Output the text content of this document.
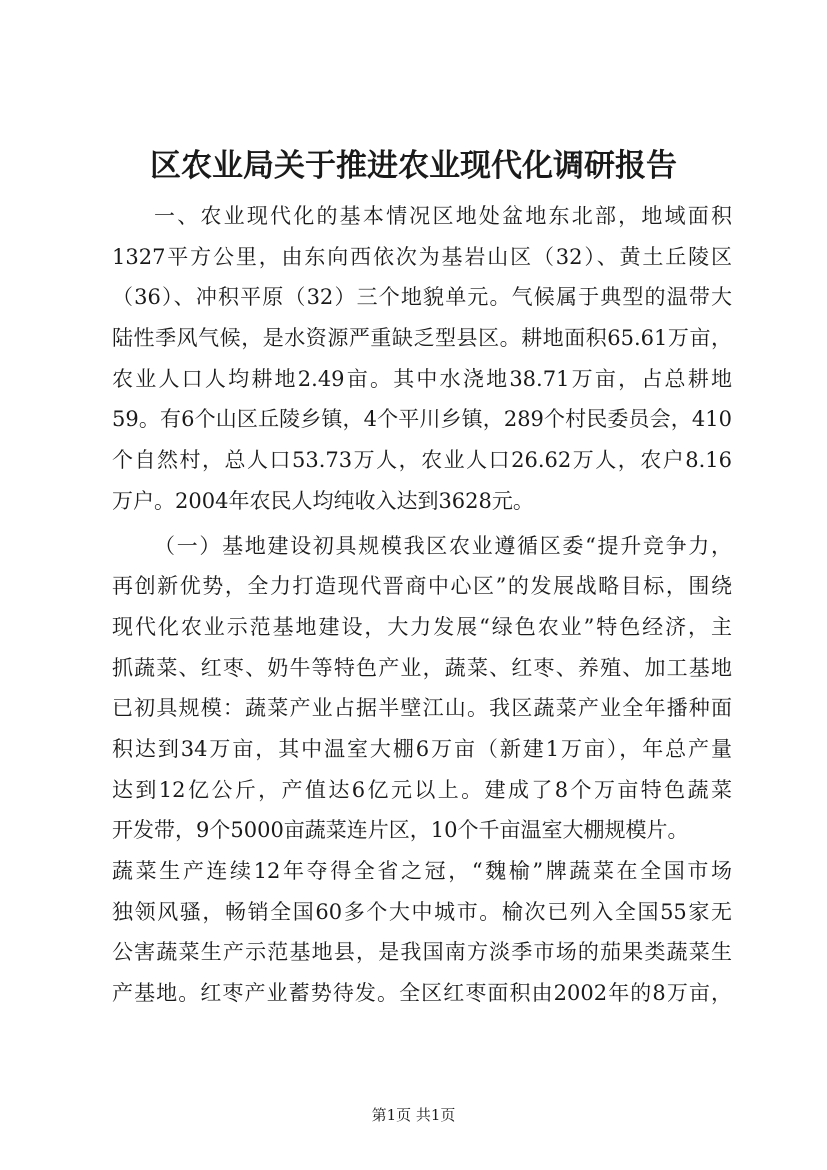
区农业局关于推进农业现代化调研报告
一、农业现代化的基本情况区地处盆地东北部，地域面积
1327平方公里，由东向西依次为基岩山区（32）、黄土丘陵区
（36）、冲积平原（32）三个地貌单元。气候属于典型的温带大
陆性季风气候，是水资源严重缺乏型县区。耕地面积65.61万亩，
农业人口人均耕地2.49亩。其中水浇地38.71万亩，占总耕地
59。有6个山区丘陵乡镇，4个平川乡镇，289个村民委员会，410
个自然村，总人口53.73万人，农业人口26.62万人，农户8.16
万户。2004年农民人均纯收入达到3628元。
（一）基地建设初具规模我区农业遵循区委“提升竞争力，
再创新优势，全力打造现代晋商中心区”的发展战略目标，围绕
现代化农业示范基地建设，大力发展“绿色农业”特色经济，主
抓蔬菜、红枣、奶牛等特色产业，蔬菜、红枣、养殖、加工基地
已初具规模：蔬菜产业占据半壁江山。我区蔬菜产业全年播种面
积达到34万亩，其中温室大棚6万亩（新建1万亩），年总产量
达到12亿公斤，产值达6亿元以上。建成了8个万亩特色蔬菜
开发带，9个5000亩蔬菜连片区，10个千亩温室大棚规模片。
蔬菜生产连续12年夺得全省之冠，“魏榆”牌蔬菜在全国市场
独领风骚，畅销全国60多个大中城市。榆次已列入全国55家无
公害蔬菜生产示范基地县，是我国南方淡季市场的茄果类蔬菜生
产基地。红枣产业蓄势待发。全区红枣面积由2002年的8万亩，
第1页 共1页
